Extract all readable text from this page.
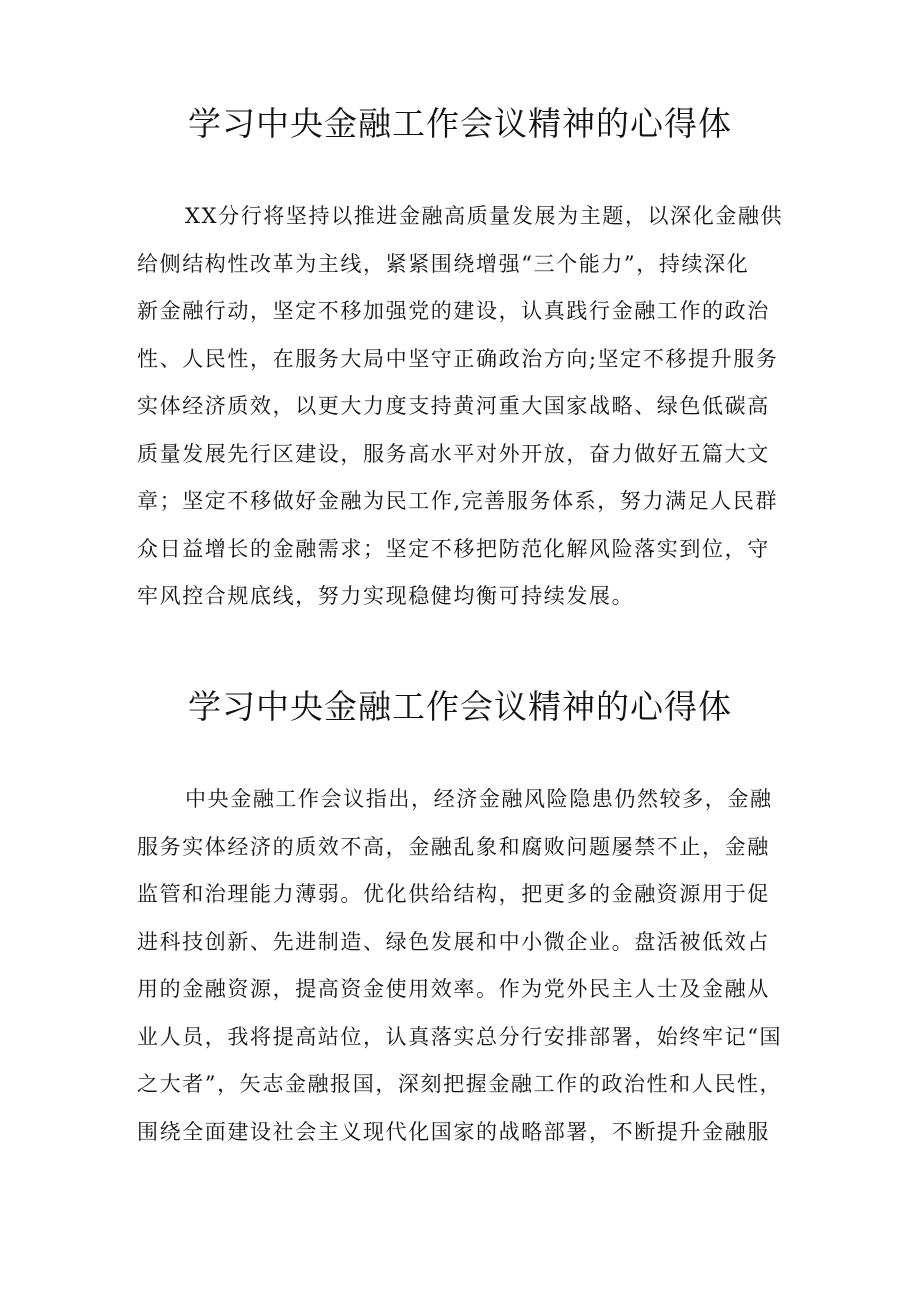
学习中央金融工作会议精神的心得体
XX分行将坚持以推进金融高质量发展为主题，以深化金融供
给侧结构性改革为主线，紧紧围绕增强“三个能力”，持续深化
新金融行动，坚定不移加强党的建设，认真践行金融工作的政治
性、人民性，在服务大局中坚守正确政治方向;坚定不移提升服务
实体经济质效，以更大力度支持黄河重大国家战略、绿色低碳高
质量发展先行区建设，服务高水平对外开放，奋力做好五篇大文
章；坚定不移做好金融为民工作,完善服务体系，努力满足人民群
众日益增长的金融需求；坚定不移把防范化解风险落实到位，守
牢风控合规底线，努力实现稳健均衡可持续发展。
学习中央金融工作会议精神的心得体
中央金融工作会议指出，经济金融风险隐患仍然较多，金融
服务实体经济的质效不高，金融乱象和腐败问题屡禁不止，金融
监管和治理能力薄弱。优化供给结构，把更多的金融资源用于促
进科技创新、先进制造、绿色发展和中小微企业。盘活被低效占
用的金融资源，提高资金使用效率。作为党外民主人士及金融从
业人员，我将提高站位，认真落实总分行安排部署，始终牢记“国
之大者”，矢志金融报国，深刻把握金融工作的政治性和人民性，
围绕全面建设社会主义现代化国家的战略部署，不断提升金融服
